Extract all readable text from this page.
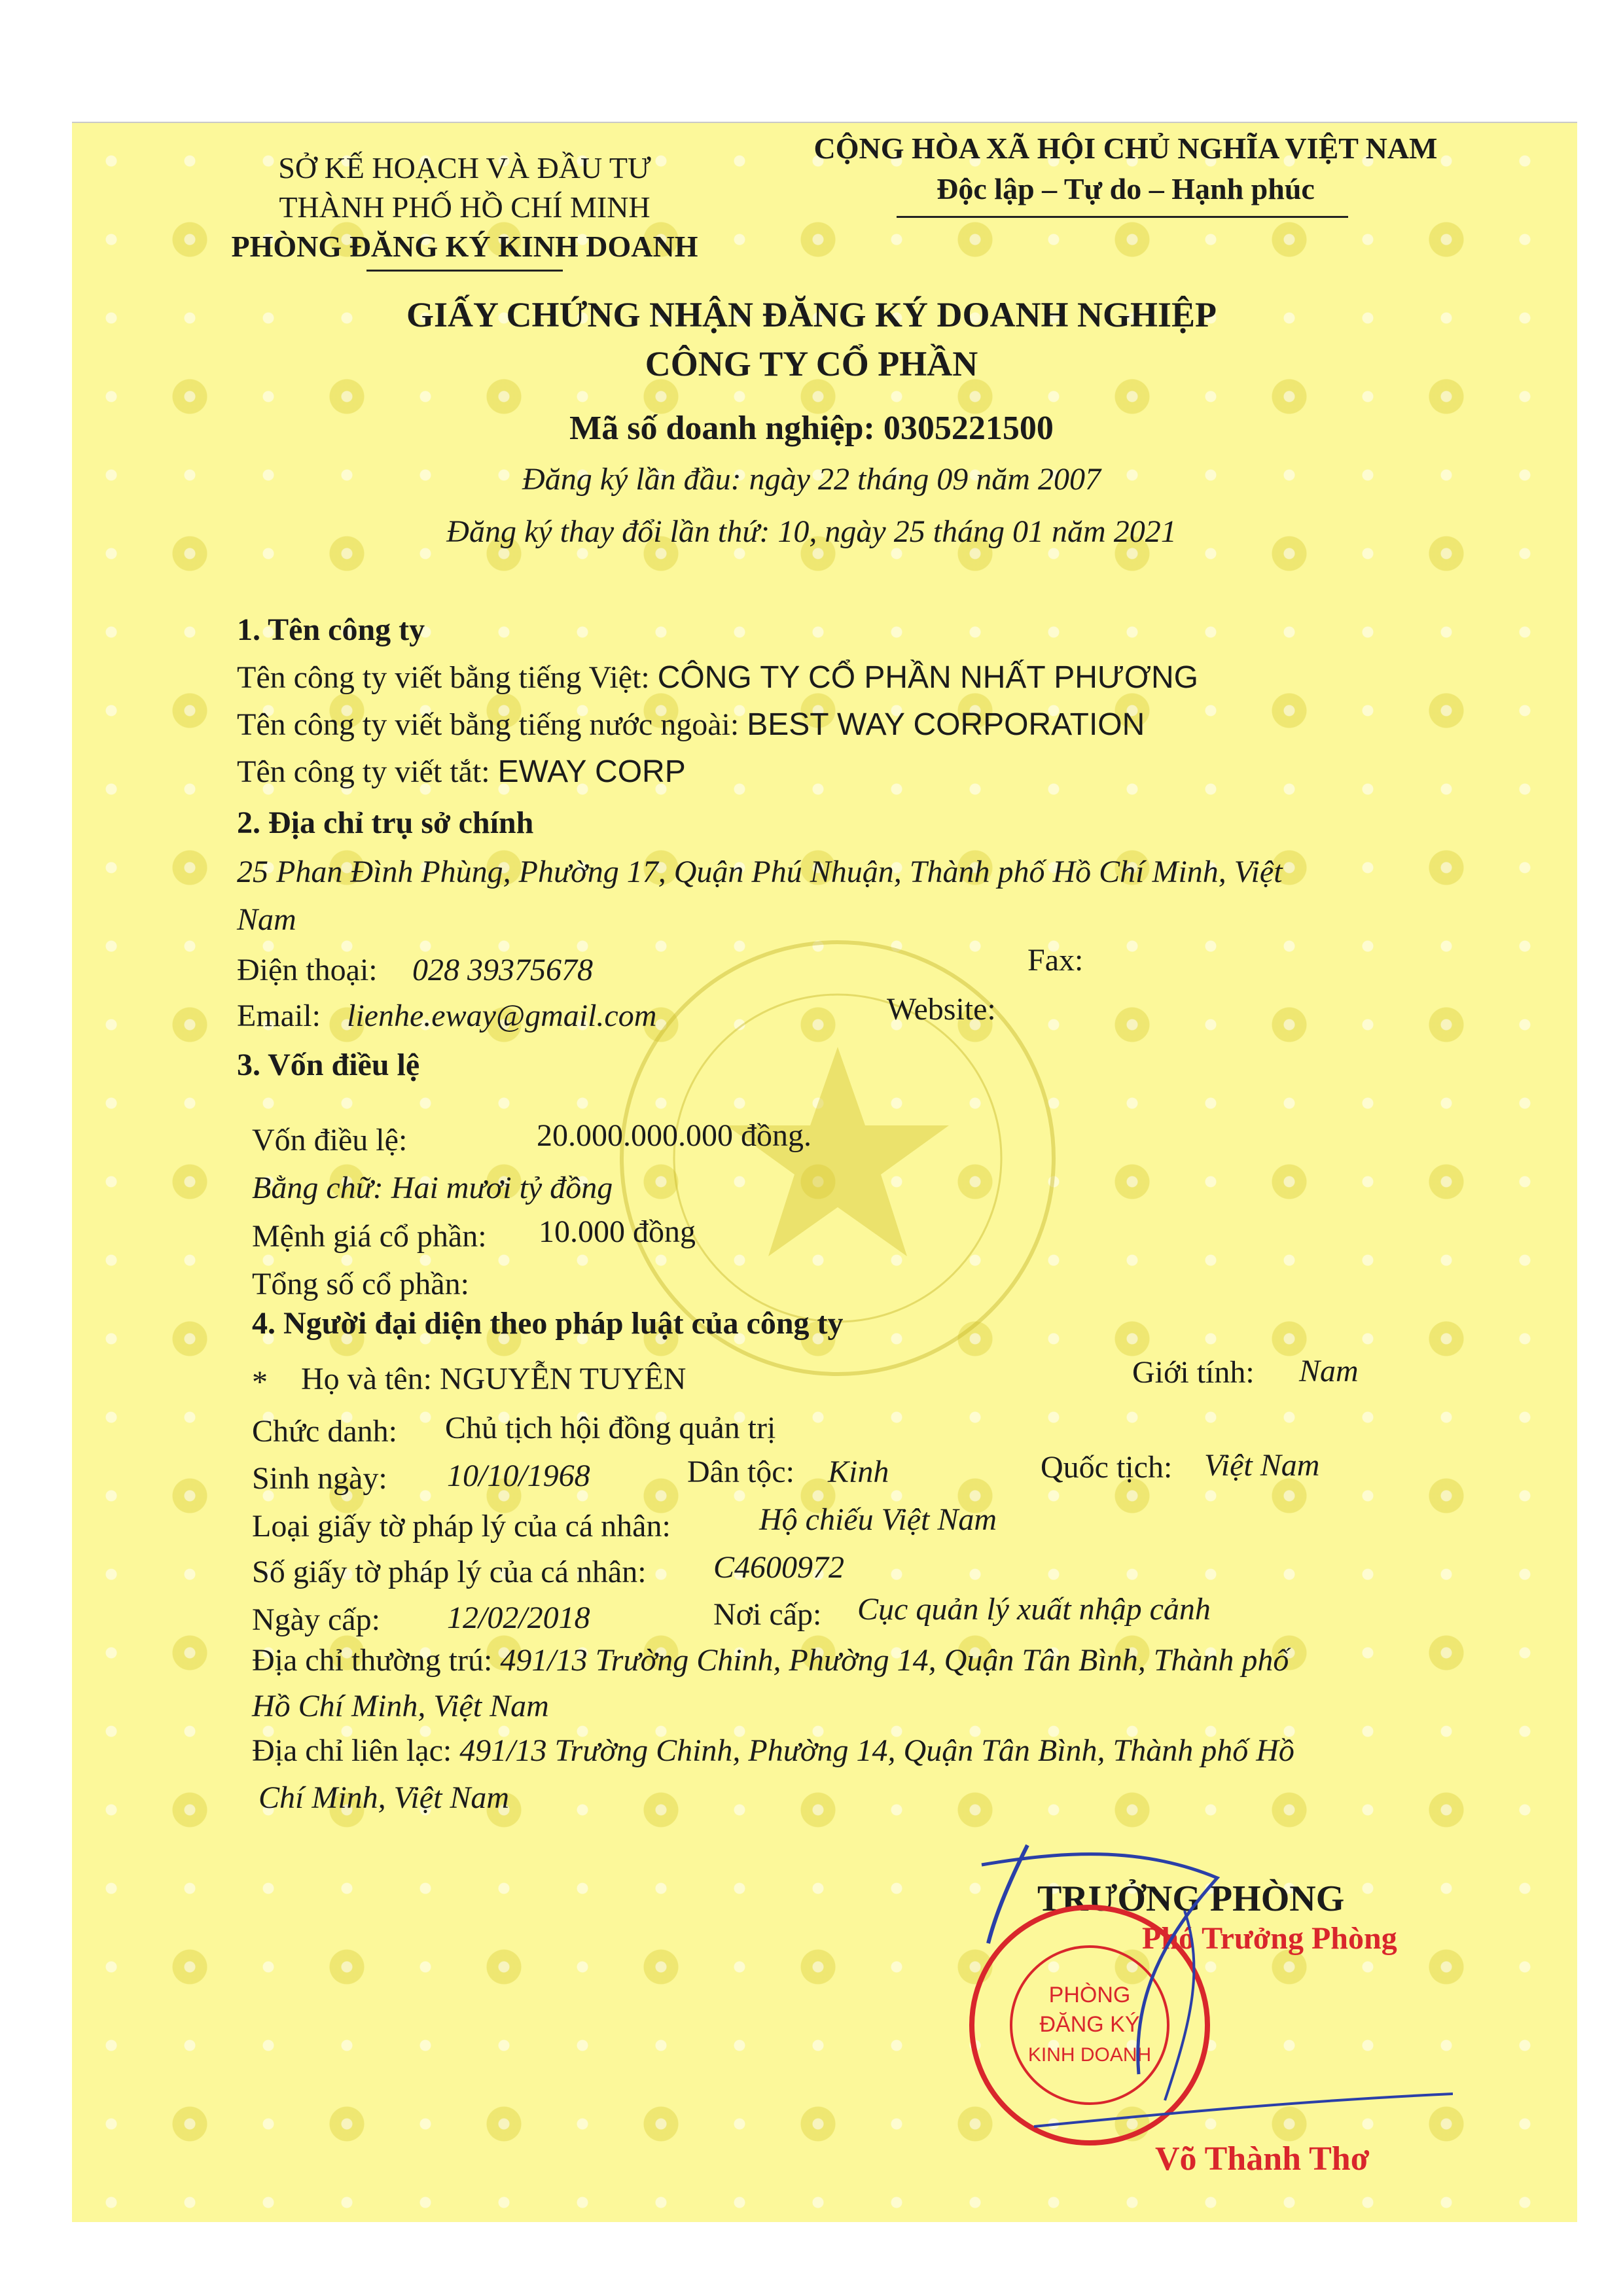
SỞ KẾ HOẠCH VÀ ĐẦU TƯ
THÀNH PHỐ HỒ CHÍ MINH
PHÒNG ĐĂNG KÝ KINH DOANH
CỘNG HÒA XÃ HỘI CHỦ NGHĨA VIỆT NAM
Độc lập – Tự do – Hạnh phúc
GIẤY CHỨNG NHẬN ĐĂNG KÝ DOANH NGHIỆP
CÔNG TY CỔ PHẦN
Mã số doanh nghiệp: 0305221500
Đăng ký lần đầu: ngày 22 tháng 09 năm 2007
Đăng ký thay đổi lần thứ: 10, ngày 25 tháng 01 năm 2021
1. Tên công ty
Tên công ty viết bằng tiếng Việt: CÔNG TY CỔ PHẦN NHẤT PHƯƠNG
Tên công ty viết bằng tiếng nước ngoài: BEST WAY CORPORATION
Tên công ty viết tắt: EWAY CORP
2. Địa chỉ trụ sở chính
25 Phan Đình Phùng, Phường 17, Quận Phú Nhuận, Thành phố Hồ Chí Minh, Việt
Nam
Điện thoại: 028 39375678	Fax:
Email: lienhe.eway@gmail.com	Website:
3. Vốn điều lệ
Vốn điều lệ:	20.000.000.000 đồng.
Bằng chữ: Hai mươi tỷ đồng
Mệnh giá cổ phần: 10.000 đồng
Tổng số cổ phần:
4. Người đại diện theo pháp luật của công ty
* Họ và tên: NGUYỄN TUYÊN	Giới tính: Nam
Chức danh: Chủ tịch hội đồng quản trị
Sinh ngày: 10/10/1968	Dân tộc: Kinh	Quốc tịch: Việt Nam
Loại giấy tờ pháp lý của cá nhân:	Hộ chiếu Việt Nam
Số giấy tờ pháp lý của cá nhân: C4600972
Ngày cấp: 12/02/2018	Nơi cấp: Cục quản lý xuất nhập cảnh
Địa chỉ thường trú: 491/13 Trường Chinh, Phường 14, Quận Tân Bình, Thành phố
Hồ Chí Minh, Việt Nam
Địa chỉ liên lạc: 491/13 Trường Chinh, Phường 14, Quận Tân Bình, Thành phố Hồ
Chí Minh, Việt Nam
TRƯỞNG PHÒNG
Phó Trưởng Phòng
Võ Thành Thơ
PHÒNG
ĐĂNG KÝ
KINH DOANH
